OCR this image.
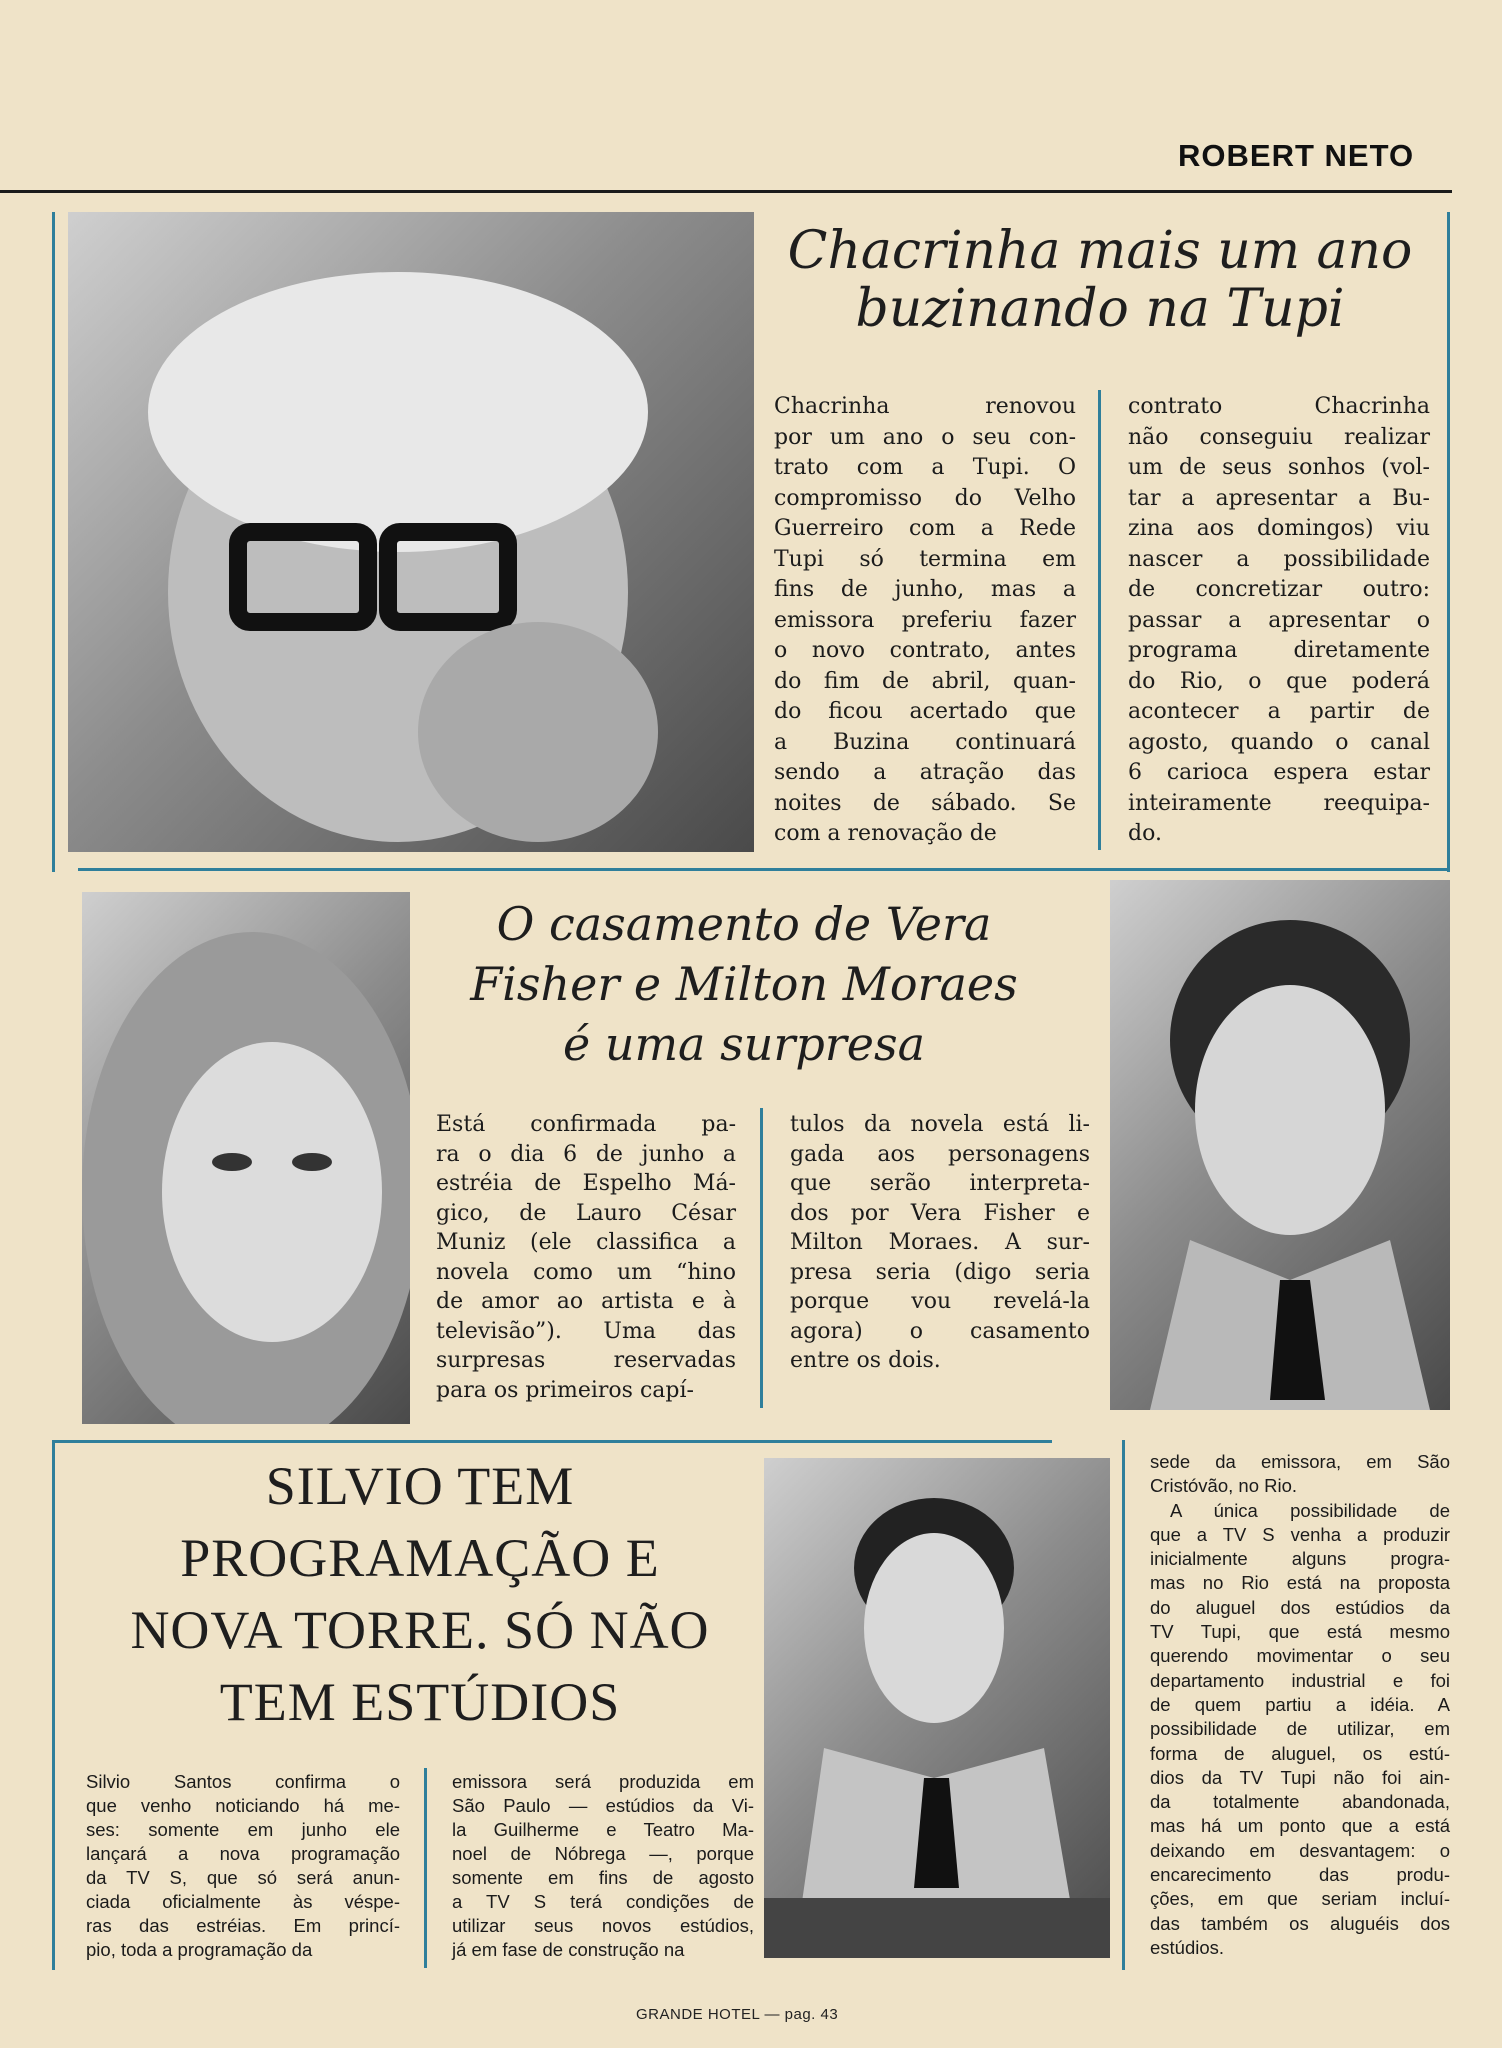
ROBERT NETO
Chacrinha mais um ano
buzinando na Tupi
Chacrinha renovou
por um ano o seu con-
trato com a Tupi. O
compromisso do Velho
Guerreiro com a Rede
Tupi só termina em
fins de junho, mas a
emissora preferiu fazer
o novo contrato, antes
do fim de abril, quan-
do ficou acertado que
a Buzina continuará
sendo a atração das
noites de sábado. Se
com a renovação de
contrato Chacrinha
não conseguiu realizar
um de seus sonhos (vol-
tar a apresentar a Bu-
zina aos domingos) viu
nascer a possibilidade
de concretizar outro:
passar a apresentar o
programa diretamente
do Rio, o que poderá
acontecer a partir de
agosto, quando o canal
6 carioca espera estar
inteiramente reequipa-
do.
O casamento de Vera
Fisher e Milton Moraes
é uma surpresa
Está confirmada pa-
ra o dia 6 de junho a
estréia de Espelho Má-
gico, de Lauro César
Muniz (ele classifica a
novela como um “hino
de amor ao artista e à
televisão”). Uma das
surpresas reservadas
para os primeiros capí-
tulos da novela está li-
gada aos personagens
que serão interpreta-
dos por Vera Fisher e
Milton Moraes. A sur-
presa seria (digo seria
porque vou revelá-la
agora) o casamento
entre os dois.
SILVIO TEM
PROGRAMAÇÃO E
NOVA TORRE. SÓ NÃO
TEM ESTÚDIOS
Silvio Santos confirma o
que venho noticiando há me-
ses: somente em junho ele
lançará a nova programação
da TV S, que só será anun-
ciada oficialmente às véspe-
ras das estréias. Em princí-
pio, toda a programação da
emissora será produzida em
São Paulo — estúdios da Vi-
la Guilherme e Teatro Ma-
noel de Nóbrega —, porque
somente em fins de agosto
a TV S terá condições de
utilizar seus novos estúdios,
já em fase de construção na
sede da emissora, em São
Cristóvão, no Rio.
A única possibilidade de
que a TV S venha a produzir
inicialmente alguns progra-
mas no Rio está na proposta
do aluguel dos estúdios da
TV Tupi, que está mesmo
querendo movimentar o seu
departamento industrial e foi
de quem partiu a idéia. A
possibilidade de utilizar, em
forma de aluguel, os estú-
dios da TV Tupi não foi ain-
da totalmente abandonada,
mas há um ponto que a está
deixando em desvantagem: o
encarecimento das produ-
ções, em que seriam incluí-
das também os aluguéis dos
estúdios.
GRANDE HOTEL — pag. 43
